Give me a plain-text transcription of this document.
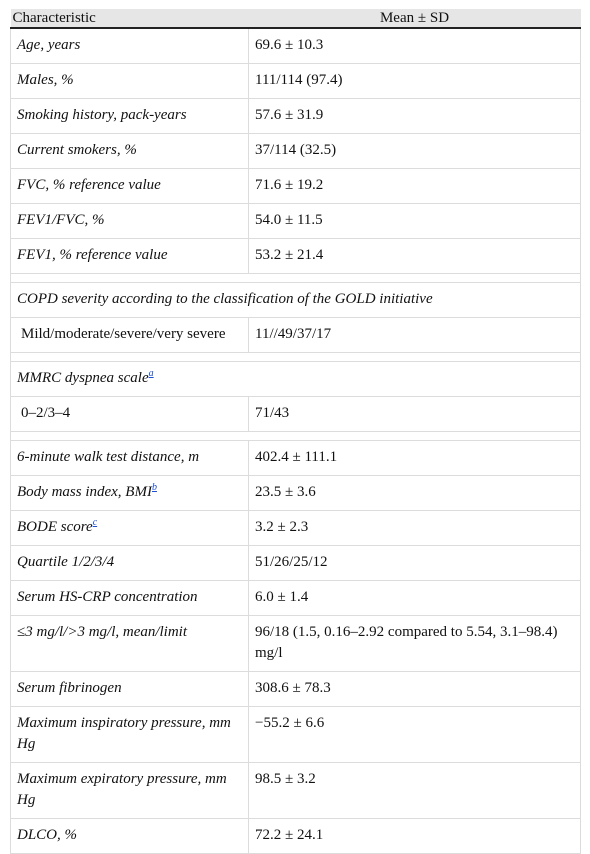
Characteristic	Mean ± SD
Age, years	69.6 ± 10.3
Males, %	111/114 (97.4)
Smoking history, pack-years	57.6 ± 31.9
Current smokers, %	37/114 (32.5)
FVC, % reference value	71.6 ± 19.2
FEV1/FVC, %	54.0 ± 11.5
FEV1, % reference value	53.2 ± 21.4

COPD severity according to the classification of the GOLD initiative	
Mild/moderate/severe/very severe	11//49/37/17

MMRC dyspnea scale$^a$
0–2/3–4	71/43

6-minute walk test distance, m	402.4 ± 111.1
Body mass index, BMI$^b$	23.5 ± 3.6
BODE score$^c$	3.2 ± 2.3
Quartile 1/2/3/4	51/26/25/12
Serum HS-CRP concentration	6.0 ± 1.4
≤3 mg/l/>3 mg/l, mean/limit	96/18 (1.5, 0.16–2.92 compared to 5.54, 3.1–98.4) mg/l
Serum fibrinogen	308.6 ± 78.3
Maximum inspiratory pressure, mm Hg	−55.2 ± 6.6
Maximum expiratory pressure, mm Hg	98.5 ± 3.2
DLCO, %	72.2 ± 24.1
